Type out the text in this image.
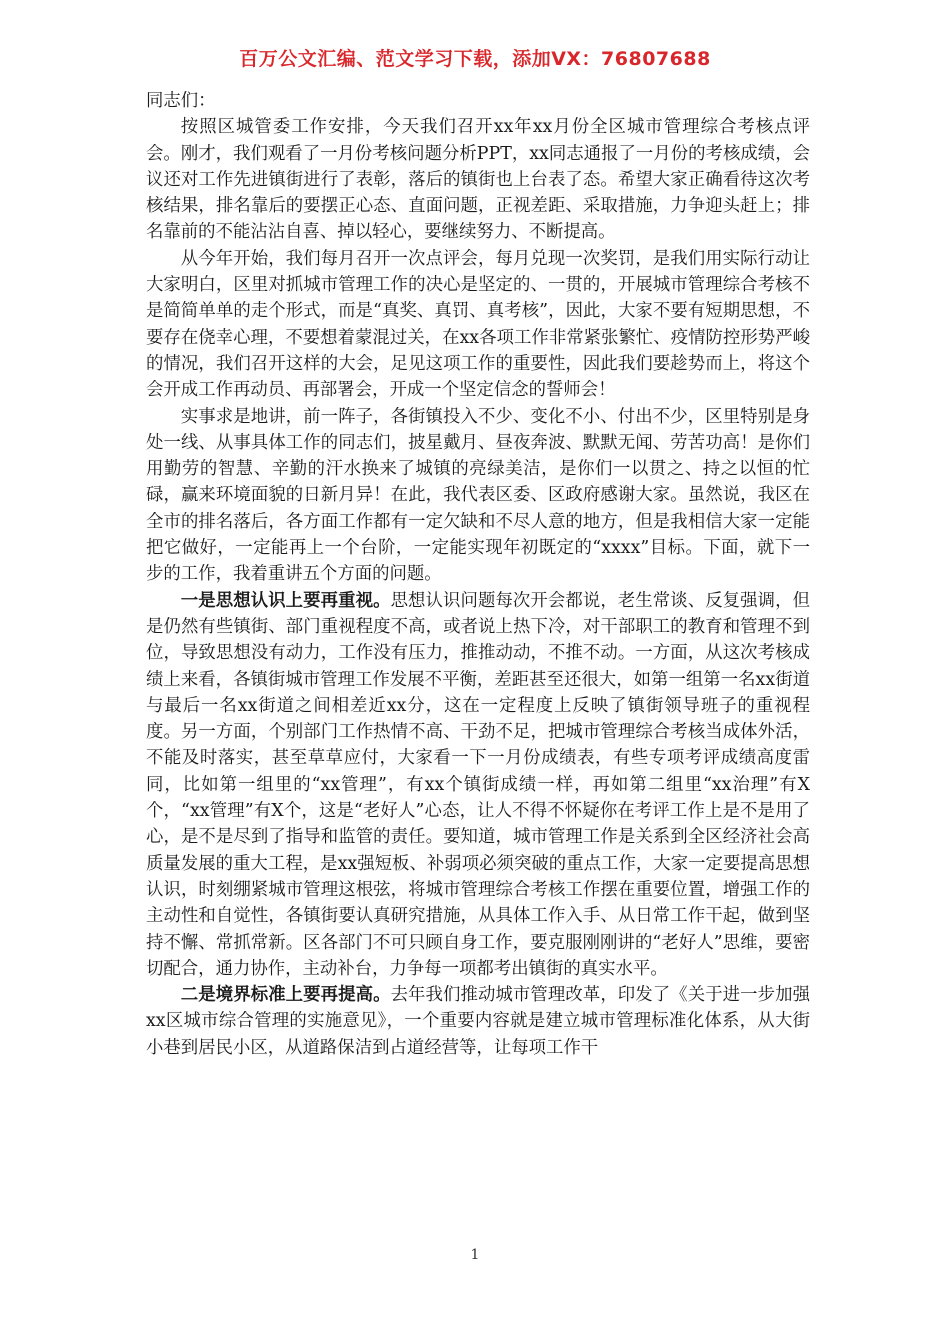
百万公文汇编、范文学习下载，添加VX：76807688

同志们：

按照区城管委工作安排，今天我们召开xx年xx月份全区城市管理综合考核点评会。刚才，我们观看了一月份考核问题分析PPT，xx同志通报了一月份的考核成绩，会议还对工作先进镇街进行了表彰，落后的镇街也上台表了态。希望大家正确看待这次考核结果，排名靠后的要摆正心态、直面问题，正视差距、采取措施，力争迎头赶上；排名靠前的不能沾沾自喜、掉以轻心，要继续努力、不断提高。

从今年开始，我们每月召开一次点评会，每月兑现一次奖罚，是我们用实际行动让大家明白，区里对抓城市管理工作的决心是坚定的、一贯的，开展城市管理综合考核不是简简单单的走个形式，而是“真奖、真罚、真考核”，因此，大家不要有短期思想，不要存在侥幸心理，不要想着蒙混过关，在xx各项工作非常紧张繁忙、疫情防控形势严峻的情况，我们召开这样的大会，足见这项工作的重要性，因此我们要趁势而上，将这个会开成工作再动员、再部署会，开成一个坚定信念的誓师会！

实事求是地讲，前一阵子，各街镇投入不少、变化不小、付出不少，区里特别是身处一线、从事具体工作的同志们，披星戴月、昼夜奔波、默默无闻、劳苦功高！是你们用勤劳的智慧、辛勤的汗水换来了城镇的亮绿美洁，是你们一以贯之、持之以恒的忙碌，赢来环境面貌的日新月异！在此，我代表区委、区政府感谢大家。虽然说，我区在全市的排名落后，各方面工作都有一定欠缺和不尽人意的地方，但是我相信大家一定能把它做好，一定能再上一个台阶，一定能实现年初既定的“xxxx”目标。下面，就下一步的工作，我着重讲五个方面的问题。

一是思想认识上要再重视。思想认识问题每次开会都说，老生常谈、反复强调，但是仍然有些镇街、部门重视程度不高，或者说上热下冷，对干部职工的教育和管理不到位，导致思想没有动力，工作没有压力，推推动动，不推不动。一方面，从这次考核成绩上来看，各镇街城市管理工作发展不平衡，差距甚至还很大，如第一组第一名xx街道与最后一名xx街道之间相差近xx分，这在一定程度上反映了镇街领导班子的重视程度。另一方面，个别部门工作热情不高、干劲不足，把城市管理综合考核当成体外活，不能及时落实，甚至草草应付，大家看一下一月份成绩表，有些专项考评成绩高度雷同，比如第一组里的“xx管理”，有xx个镇街成绩一样，再如第二组里“xx治理”有X个，“xx管理”有X个，这是“老好人”心态，让人不得不怀疑你在考评工作上是不是用了心，是不是尽到了指导和监管的责任。要知道，城市管理工作是关系到全区经济社会高质量发展的重大工程，是xx强短板、补弱项必须突破的重点工作，大家一定要提高思想认识，时刻绷紧城市管理这根弦，将城市管理综合考核工作摆在重要位置，增强工作的主动性和自觉性，各镇街要认真研究措施，从具体工作入手、从日常工作干起，做到坚持不懈、常抓常新。区各部门不可只顾自身工作，要克服刚刚讲的“老好人”思维，要密切配合，通力协作，主动补台，力争每一项都考出镇街的真实水平。

二是境界标准上要再提高。去年我们推动城市管理改革，印发了《关于进一步加强xx区城市综合管理的实施意见》，一个重要内容就是建立城市管理标准化体系，从大街小巷到居民小区，从道路保洁到占道经营等，让每项工作干

1
